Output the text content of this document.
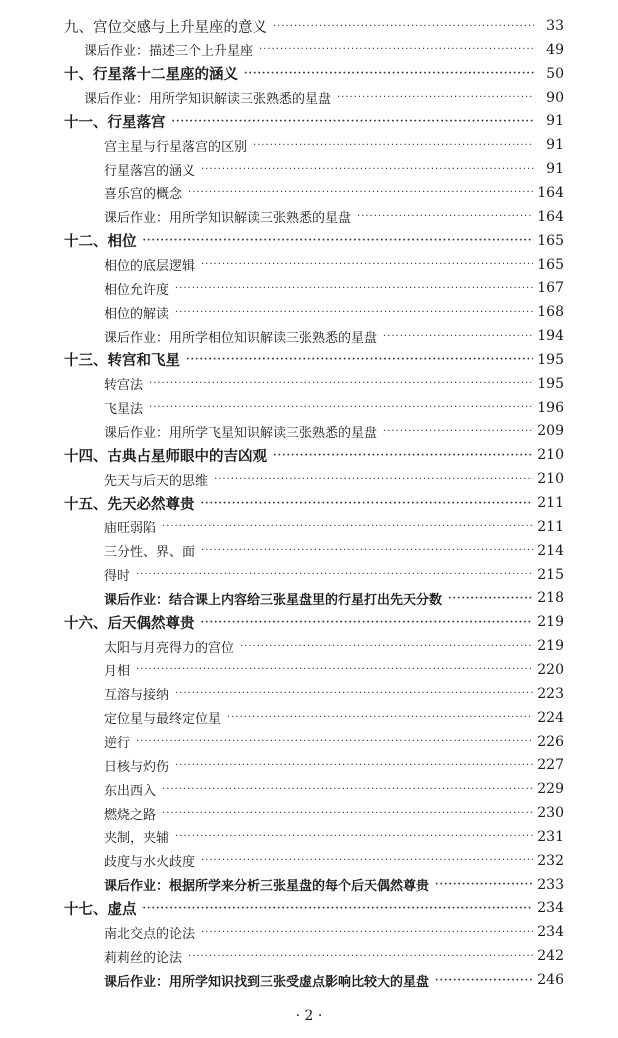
九、宫位交感与上升星座的意义 ·····	33
课后作业：描述三个上升星座 ·····	49
十、行星落十二星座的涵义 ·····	50
课后作业：用所学知识解读三张熟悉的星盘 ·····	90
十一、行星落宫 ·····	91
宫主星与行星落宫的区别 ·····	91
行星落宫的涵义 ·····	91
喜乐宫的概念 ·····	164
课后作业：用所学知识解读三张熟悉的星盘 ·····	164
十二、相位 ·····	165
相位的底层逻辑 ·····	165
相位允许度 ·····	167
相位的解读 ·····	168
课后作业：用所学相位知识解读三张熟悉的星盘 ·····	194
十三、转宫和飞星 ·····	195
转宫法 ·····	195
飞星法 ·····	196
课后作业：用所学飞星知识解读三张熟悉的星盘 ·····	209
十四、古典占星师眼中的吉凶观 ·····	210
先天与后天的思维 ·····	210
十五、先天必然尊贵 ·····	211
庙旺弱陷 ·····	211
三分性、界、面 ·····	214
得时 ·····	215
课后作业：结合课上内容给三张星盘里的行星打出先天分数 ·····	218
十六、后天偶然尊贵 ·····	219
太阳与月亮得力的宫位 ·····	219
月相 ·····	220
互溶与接纳 ·····	223
定位星与最终定位星 ·····	224
逆行 ·····	226
日核与灼伤 ·····	227
东出西入 ·····	229
燃烧之路 ·····	230
夹制，夹辅 ·····	231
歧度与水火歧度 ·····	232
课后作业：根据所学来分析三张星盘的每个后天偶然尊贵 ·····	233
十七、虚点 ·····	234
南北交点的论法 ·····	234
莉莉丝的论法 ·····	242
课后作业：用所学知识找到三张受虚点影响比较大的星盘 ·····	246
· 2 ·
